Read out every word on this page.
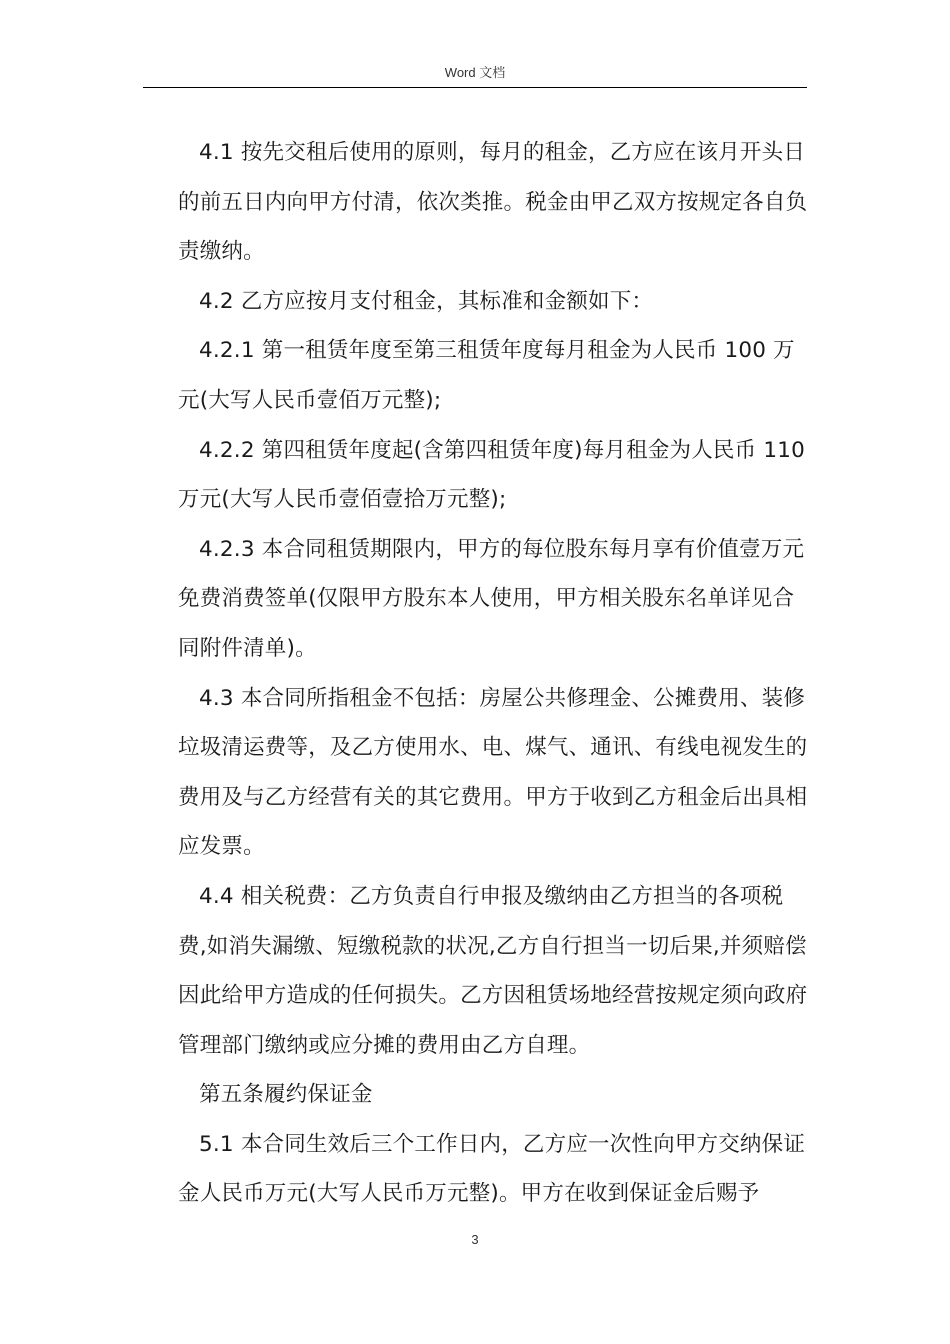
Word 文档

4.1 按先交租后使用的原则，每月的租金，乙方应在该月开头日的前五日内向甲方付清，依次类推。税金由甲乙双方按规定各自负责缴纳。

4.2 乙方应按月支付租金，其标准和金额如下：

4.2.1 第一租赁年度至第三租赁年度每月租金为人民币 100 万元(大写人民币壹佰万元整);

4.2.2 第四租赁年度起(含第四租赁年度)每月租金为人民币 110 万元(大写人民币壹佰壹拾万元整);

4.2.3 本合同租赁期限内，甲方的每位股东每月享有价值壹万元免费消费签单(仅限甲方股东本人使用，甲方相关股东名单详见合同附件清单)。

4.3 本合同所指租金不包括：房屋公共修理金、公摊费用、装修垃圾清运费等，及乙方使用水、电、煤气、通讯、有线电视发生的费用及与乙方经营有关的其它费用。甲方于收到乙方租金后出具相应发票。

4.4 相关税费：乙方负责自行申报及缴纳由乙方担当的各项税费,如消失漏缴、短缴税款的状况,乙方自行担当一切后果,并须赔偿因此给甲方造成的任何损失。乙方因租赁场地经营按规定须向政府管理部门缴纳或应分摊的费用由乙方自理。

第五条履约保证金

5.1 本合同生效后三个工作日内，乙方应一次性向甲方交纳保证金人民币万元(大写人民币万元整)。甲方在收到保证金后赐予

3
